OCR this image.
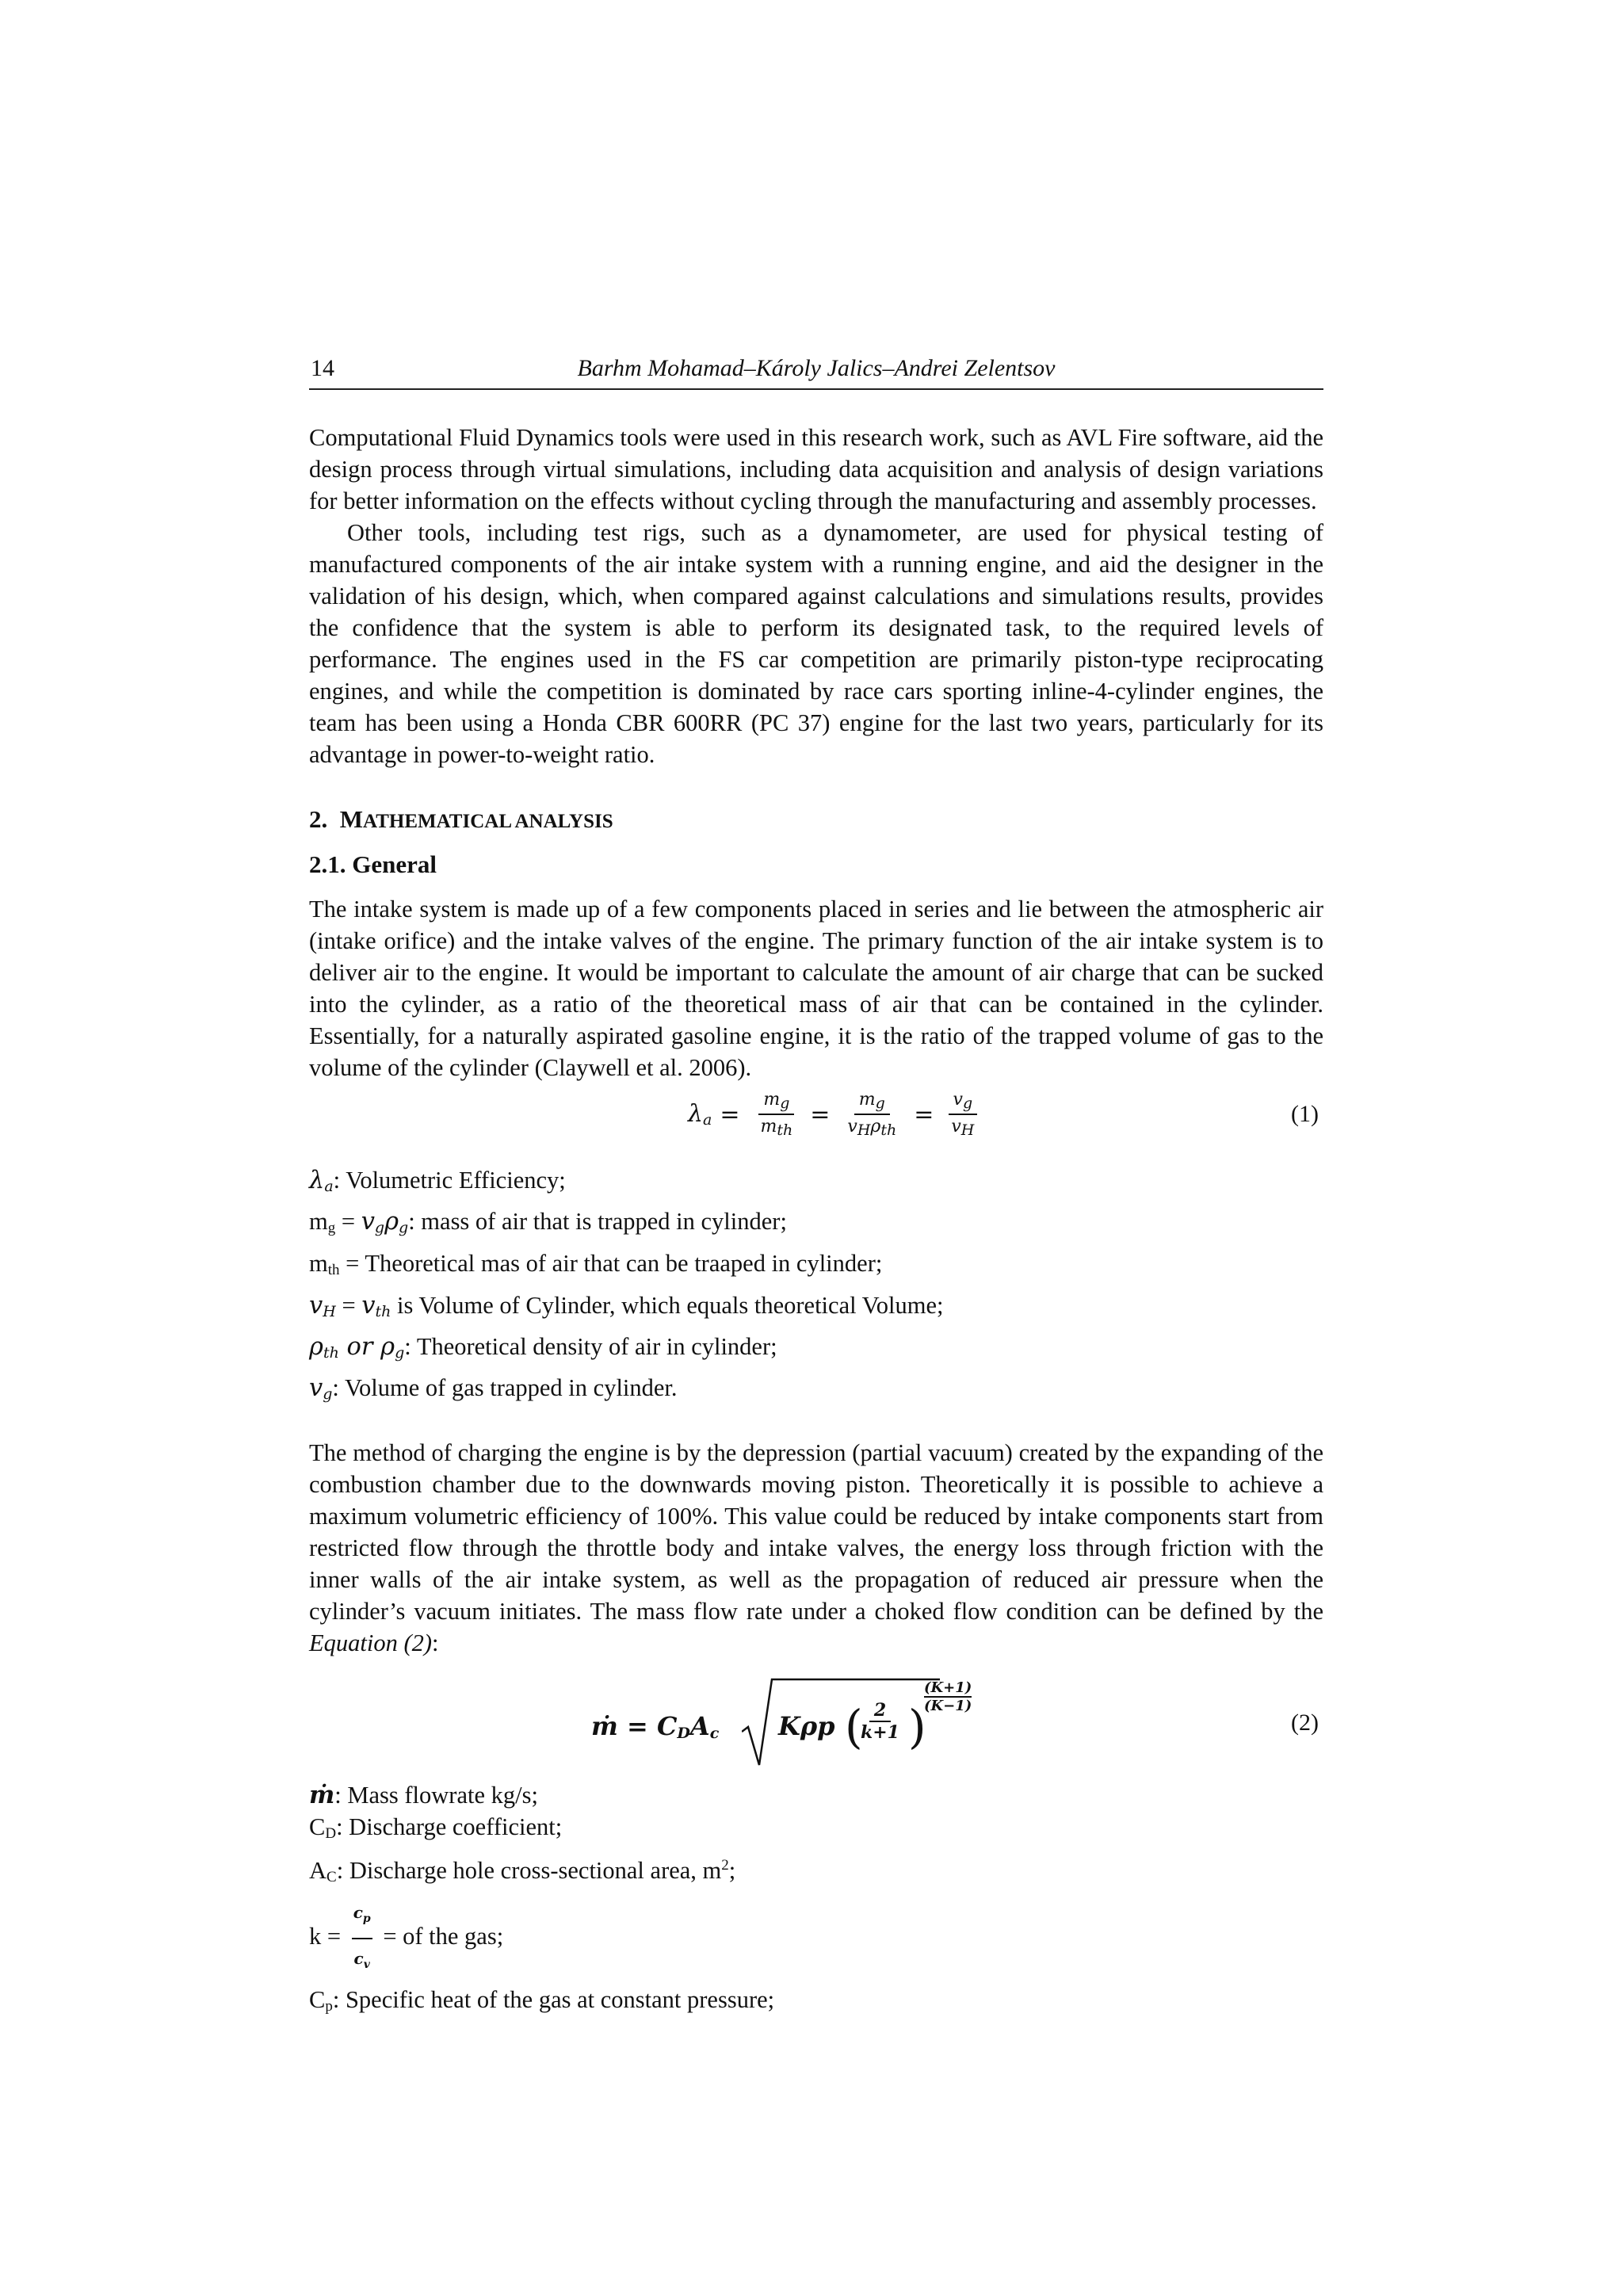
14	Barhm Mohamad–Károly Jalics–Andrei Zelentsov

Computational Fluid Dynamics tools were used in this research work, such as AVL Fire software, aid the design process through virtual simulations, including data acquisition and analysis of design variations for better information on the effects without cycling through the manufacturing and assembly processes.

Other tools, including test rigs, such as a dynamometer, are used for physical testing of manufactured components of the air intake system with a running engine, and aid the designer in the validation of his design, which, when compared against calculations and simulations results, provides the confidence that the system is able to perform its designated task, to the required levels of performance. The engines used in the FS car competition are primarily piston-type reciprocating engines, and while the competition is dominated by race cars sporting inline-4-cylinder engines, the team has been using a Honda CBR 600RR (PC 37) engine for the last two years, particularly for its advantage in power-to-weight ratio.

2. MATHEMATICAL ANALYSIS
2.1. General

The intake system is made up of a few components placed in series and lie between the atmospheric air (intake orifice) and the intake valves of the engine. The primary function of the air intake system is to deliver air to the engine. It would be important to calculate the amount of air charge that can be sucked into the cylinder, as a ratio of the theoretical mass of air that can be contained in the cylinder. Essentially, for a naturally aspirated gasoline engine, it is the ratio of the trapped volume of gas to the volume of the cylinder (Claywell et al. 2006).

$\lambda_a = \frac{m_g}{m_{th}} = \frac{m_g}{v_H\rho_{th}} = \frac{v_g}{v_H}$	(1)
$\lambda_a$: Volumetric Efficiency;
$m_g = v_g\rho_g$: mass of air that is trapped in cylinder;
$m_{th}$ = Theoretical mas of air that can be traaped in cylinder;
$v_H = v_{th}$ is Volume of Cylinder, which equals theoretical Volume;
$\rho_{th}$ or $\rho_g$: Theoretical density of air in cylinder;
$v_g$: Volume of gas trapped in cylinder.

The method of charging the engine is by the depression (partial vacuum) created by the expanding of the combustion chamber due to the downwards moving piston. Theoretically it is possible to achieve a maximum volumetric efficiency of 100%. This value could be reduced by intake components start from restricted flow through the throttle body and intake valves, the energy loss through friction with the inner walls of the air intake system, as well as the propagation of reduced air pressure when the cylinder’s vacuum initiates. The mass flow rate under a choked flow condition can be defined by the Equation (2):

ṁ = $C_DA_c$ Kρp ( 2
k+1 )
(K+1)
(K−1)
(2)
ṁ: Mass flowrate kg/s;
$C_D$: Discharge coefficient;
$A_C$: Discharge hole cross-sectional area, $m^2$;
$k = \frac{c_p}{c_v}$ = of the gas;
$C_p$: Specific heat of the gas at constant pressure;
